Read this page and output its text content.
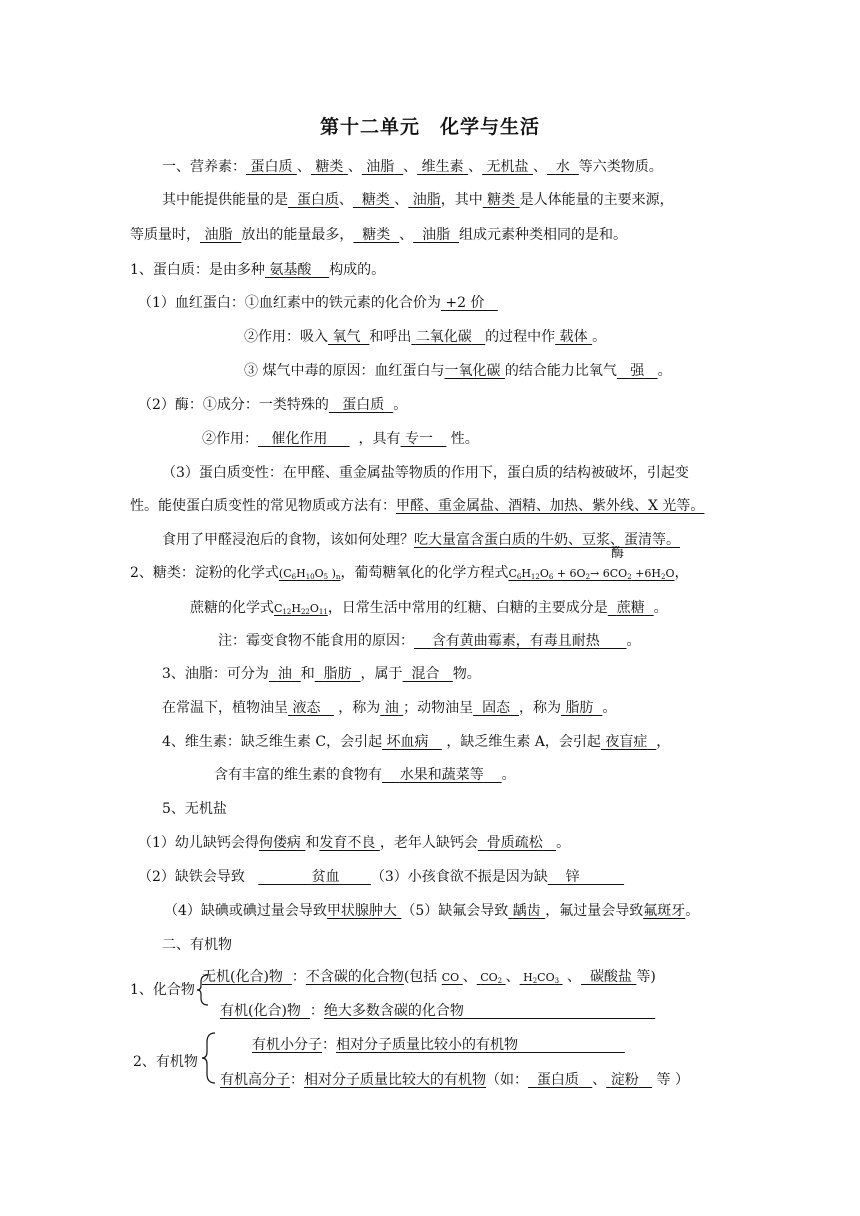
第十二单元　化学与生活
一、营养素： 蛋白质 、 糖类 、 油脂 、 维生素 、 无机盐 、 水 等六类物质。
其中能提供能量的是 蛋白质、 糖类 、 油脂，其中 糖类 是人体能量的主要来源，
等质量时， 油脂 放出的能量最多， 糖类 、 油脂 组成元素种类相同的是和。
1、蛋白质：是由多种 氨基酸 构成的。
（1）血红蛋白：①血红素中的铁元素的化合价为 +2 价
②作用：吸入 氧气 和呼出 二氧化碳 的过程中作 载体 。
③ 煤气中毒的原因：血红蛋白与一氧化碳 的结合能力比氧气 强 。
（2）酶：①成分：一类特殊的 蛋白质 。
②作用： 催化作用 ，具有 专一 性。
（3）蛋白质变性：在甲醛、重金属盐等物质的作用下，蛋白质的结构被破坏，引起变
性。能使蛋白质变性的常见物质或方法有：甲醛、重金属盐、酒精、加热、紫外线、X 光等。
食用了甲醛浸泡后的食物，该如何处理？吃大量富含蛋白质的牛奶、豆浆、蛋清等。
酶
2、糖类：淀粉的化学式($C_6H_{10}O_5$ )$_n$，葡萄糖氧化的化学方程式$C_6H_{12}O_6 + 6O_2\to 6CO_2 +6H_2O$，
蔗糖的化学式$C_{12}H_{22}O_{11}$，日常生活中常用的红糖、白糖的主要成分是 蔗糖 。
注：霉变食物不能食用的原因： 含有黄曲霉素，有毒且耐热 。
3、油脂：可分为 油 和 脂肪 ，属于 混合 物。
在常温下，植物油呈 液态 ，称为 油 ；动物油呈 固态 ，称为 脂肪 。
4、维生素：缺乏维生素 C，会引起 坏血病 ，缺乏维生素 A，会引起 夜盲症 ，
含有丰富的维生素的食物有 水果和蔬菜等 。
5、无机盐
（1）幼儿缺钙会得佝偻病 和发育不良 ，老年人缺钙会 骨质疏松 。
（2）缺铁会导致	贫血 （3）小孩食欲不振是因为缺 锌
（4）缺碘或碘过量会导致甲状腺肿大 （5）缺氟会导致 龋齿 ，氟过量会导致氟斑牙。
二、有机物
1、化合物
无机(化合)物 ：不含碳的化合物(包括 CO 、 $CO_2$ 、 $H_2CO_3$ 、 碳酸盐 等)
有机(化合)物 ：绝大多数含碳的化合物
2、有机物
有机小分子：相对分子质量比较小的有机物
有机高分子：相对分子质量比较大的有机物（如： 蛋白质 、 淀粉 等 ）
